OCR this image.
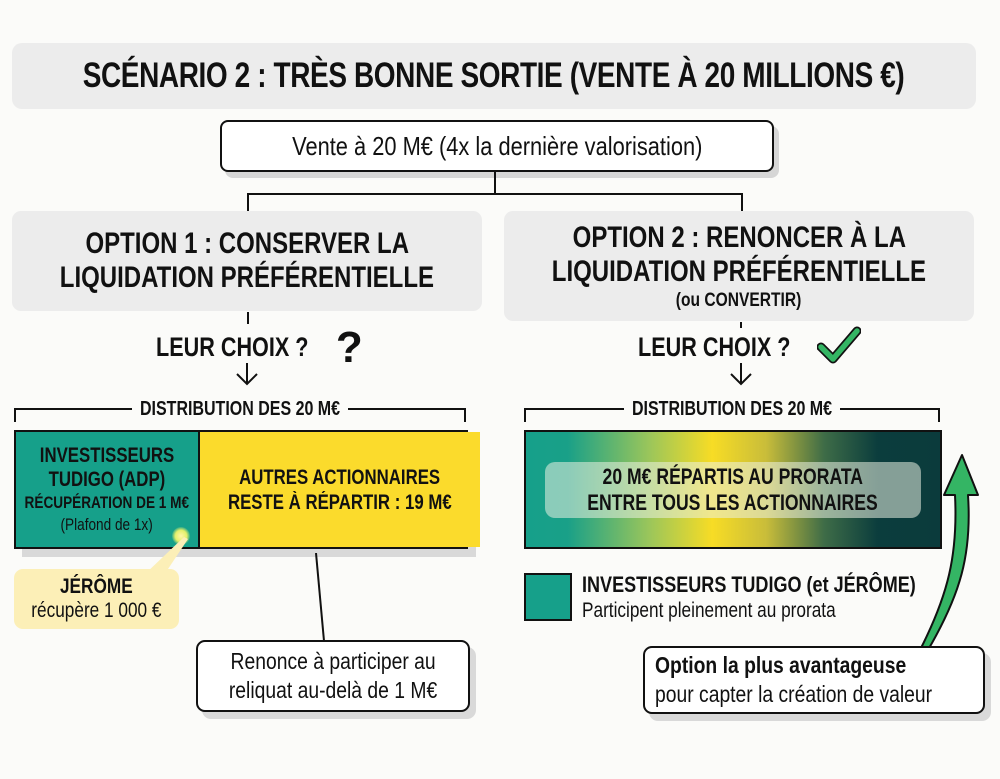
SCÉNARIO 2 : TRÈS BONNE SORTIE (VENTE À 20 MILLIONS €)
Vente à 20 M€ (4x la dernière valorisation)
OPTION 1 : CONSERVER LA
LIQUIDATION PRÉFÉRENTIELLE
LEUR CHOIX ? ?
DISTRIBUTION DES 20 M€
INVESTISSEURS
TUDIGO (ADP)
RÉCUPÉRATION DE 1 M€
(Plafond de 1x)
AUTRES ACTIONNAIRES
RESTE À RÉPARTIR : 19 M€
JÉRÔME
récupère 1 000 €
Renonce à participer au
reliquat au-delà de 1 M€
OPTION 2 : RENONCER À LA
LIQUIDATION PRÉFÉRENTIELLE
(ou CONVERTIR)
LEUR CHOIX ?
DISTRIBUTION DES 20 M€
20 M€ RÉPARTIS AU PRORATA
ENTRE TOUS LES ACTIONNAIRES
INVESTISSEURS TUDIGO (et JÉRÔME)
Participent pleinement au prorata
Option la plus avantageuse
pour capter la création de valeur
